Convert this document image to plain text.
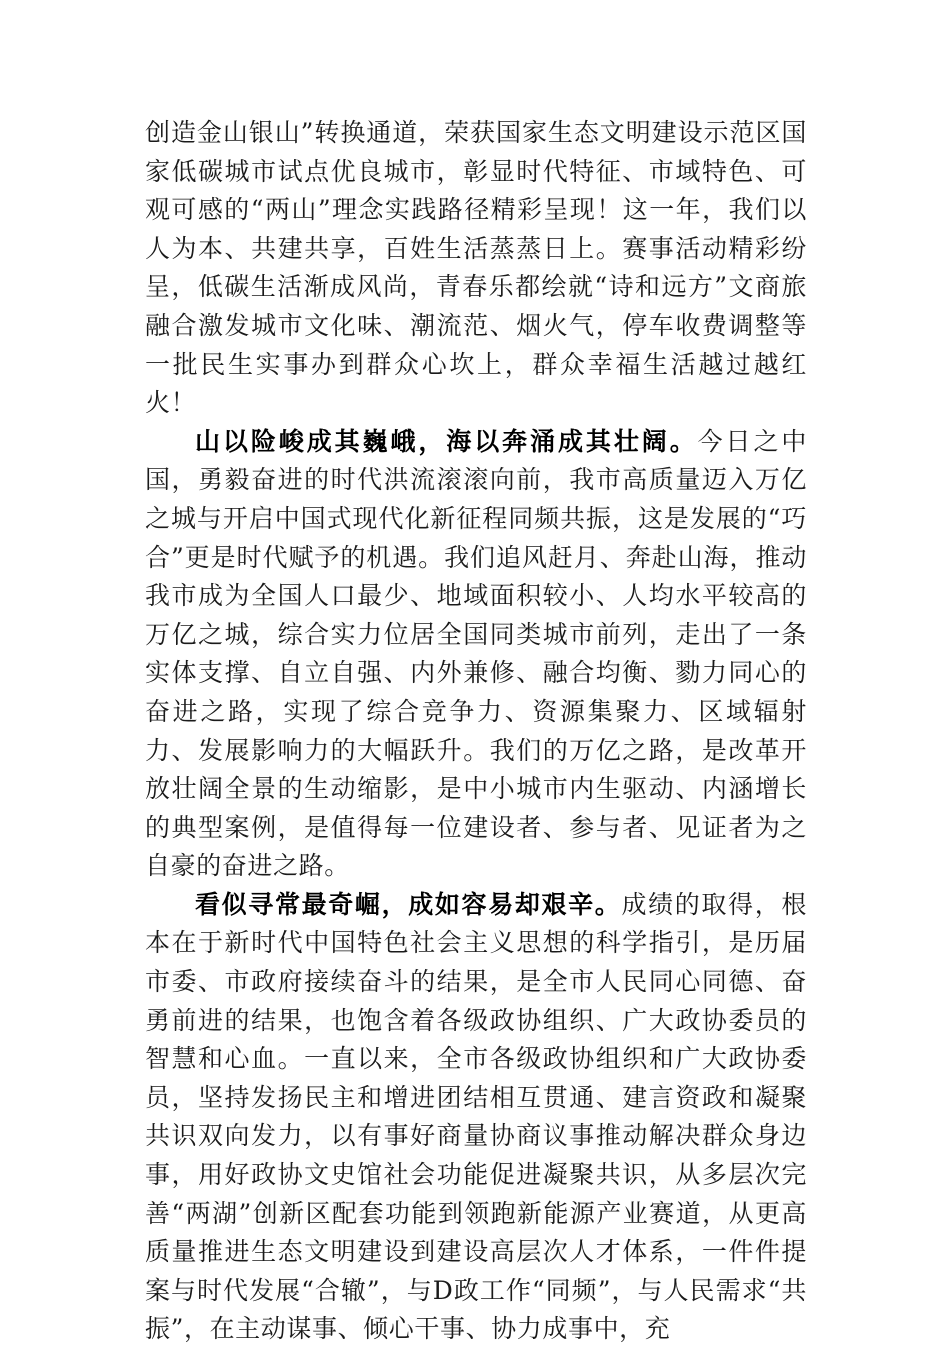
创造金山银山”转换通道，荣获国家生态文明建设示范区国家低碳城市试点优良城市，彰显时代特征、市域特色、可观可感的“两山”理念实践路径精彩呈现！这一年，我们以人为本、共建共享，百姓生活蒸蒸日上。赛事活动精彩纷呈，低碳生活渐成风尚，青春乐都绘就“诗和远方”文商旅融合激发城市文化味、潮流范、烟火气，停车收费调整等一批民生实事办到群众心坎上，群众幸福生活越过越红火！

山以险峻成其巍峨，海以奔涌成其壮阔。今日之中国，勇毅奋进的时代洪流滚滚向前，我市高质量迈入万亿之城与开启中国式现代化新征程同频共振，这是发展的“巧合”更是时代赋予的机遇。我们追风赶月、奔赴山海，推动我市成为全国人口最少、地域面积较小、人均水平较高的万亿之城，综合实力位居全国同类城市前列，走出了一条实体支撑、自立自强、内外兼修、融合均衡、勠力同心的奋进之路，实现了综合竞争力、资源集聚力、区域辐射力、发展影响力的大幅跃升。我们的万亿之路，是改革开放壮阔全景的生动缩影，是中小城市内生驱动、内涵增长的典型案例，是值得每一位建设者、参与者、见证者为之自豪的奋进之路。

看似寻常最奇崛，成如容易却艰辛。成绩的取得，根本在于新时代中国特色社会主义思想的科学指引，是历届市委、市政府接续奋斗的结果，是全市人民同心同德、奋勇前进的结果，也饱含着各级政协组织、广大政协委员的智慧和心血。一直以来，全市各级政协组织和广大政协委员，坚持发扬民主和增进团结相互贯通、建言资政和凝聚共识双向发力，以有事好商量协商议事推动解决群众身边事，用好政协文史馆社会功能促进凝聚共识，从多层次完善“两湖”创新区配套功能到领跑新能源产业赛道，从更高质量推进生态文明建设到建设高层次人才体系，一件件提案与时代发展“合辙”，与D政工作“同频”，与人民需求“共振”，在主动谋事、倾心干事、协力成事中，充
